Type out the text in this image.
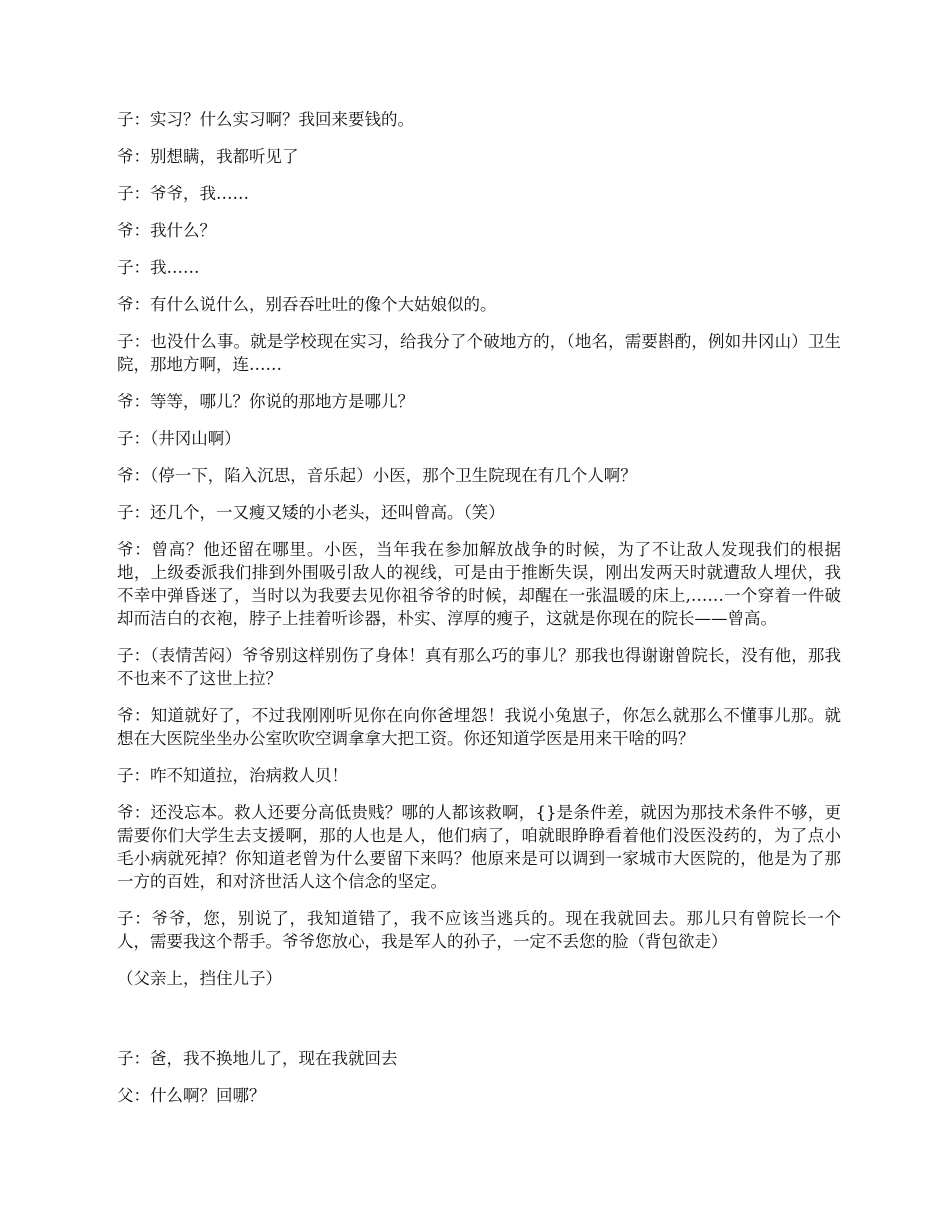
子：实习？什么实习啊？我回来要钱的。

爷：别想瞒，我都听见了

子：爷爷，我……

爷：我什么？

子：我……

爷：有什么说什么，别吞吞吐吐的像个大姑娘似的。

子：也没什么事。就是学校现在实习，给我分了个破地方的，（地名，需要斟酌，例如井冈山）卫生院，那地方啊，连……

爷：等等，哪儿？你说的那地方是哪儿？

子：（井冈山啊）

爷：（停一下，陷入沉思，音乐起）小医，那个卫生院现在有几个人啊？

子：还几个，一又瘦又矮的小老头，还叫曾高。（笑）

爷：曾高？他还留在哪里。小医，当年我在参加解放战争的时候，为了不让敌人发现我们的根据地，上级委派我们排到外围吸引敌人的视线，可是由于推断失误，刚出发两天时就遭敌人埋伏，我不幸中弹昏迷了，当时以为我要去见你祖爷爷的时候，却醒在一张温暖的床上,……一个穿着一件破却而洁白的衣袍，脖子上挂着听诊器，朴实、淳厚的瘦子，这就是你现在的院长——曾高。

子：（表情苦闷）爷爷别这样别伤了身体！真有那么巧的事儿？那我也得谢谢曾院长，没有他，那我不也来不了这世上拉？

爷：知道就好了，不过我刚刚听见你在向你爸埋怨！我说小兔崽子，你怎么就那么不懂事儿那。就想在大医院坐坐办公室吹吹空调拿拿大把工资。你还知道学医是用来干啥的吗？

子：咋不知道拉，治病救人贝！

爷：还没忘本。救人还要分高低贵贱？哪的人都该救啊，{}是条件差，就因为那技术条件不够，更需要你们大学生去支援啊，那的人也是人，他们病了，咱就眼睁睁看着他们没医没药的，为了点小毛小病就死掉？你知道老曾为什么要留下来吗？他原来是可以调到一家城市大医院的，他是为了那一方的百姓，和对济世活人这个信念的坚定。

子：爷爷，您，别说了，我知道错了，我不应该当逃兵的。现在我就回去。那儿只有曾院长一个人，需要我这个帮手。爷爷您放心，我是军人的孙子，一定不丢您的脸（背包欲走）

（父亲上，挡住儿子）

子：爸，我不换地儿了，现在我就回去

父：什么啊？回哪？
